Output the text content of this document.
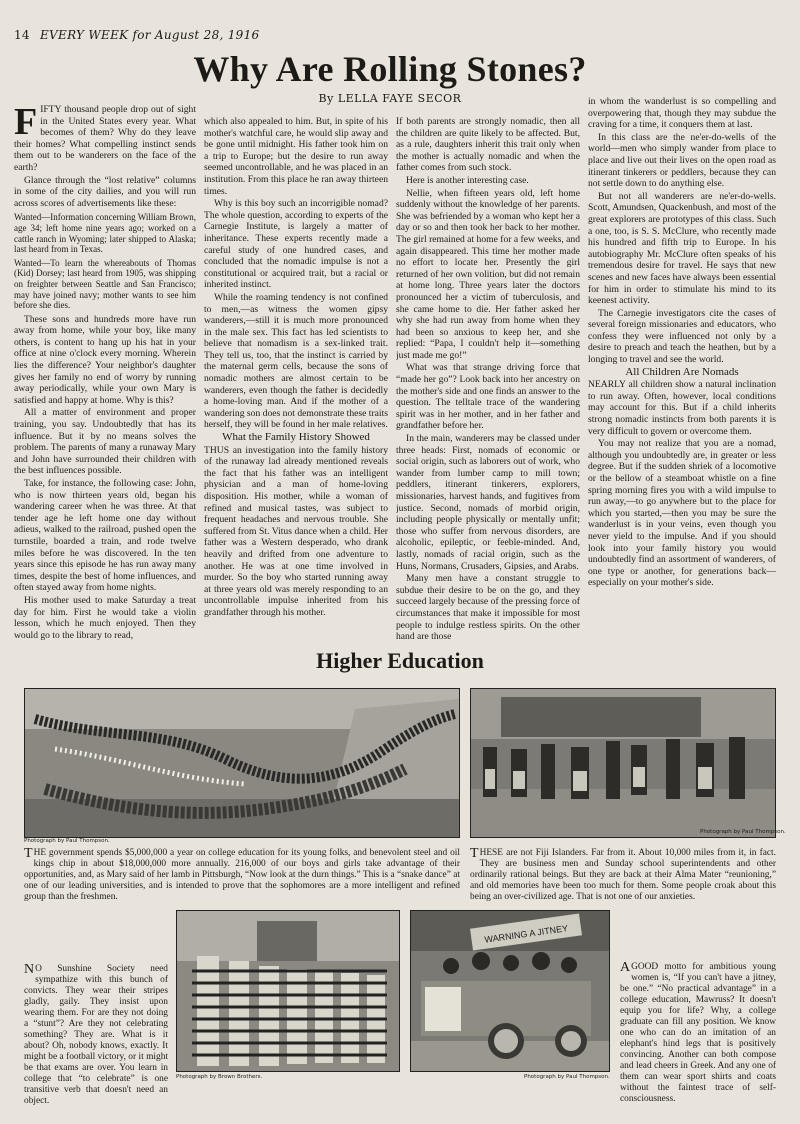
14 EVERY WEEK for August 28, 1916
Why Are Rolling Stones?
By LELLA FAYE SECOR

FIFTY thousand people drop out of sight in the United States every year. What becomes of them? Why do they leave their homes? What compelling instinct sends them out to be wanderers on the face of the earth?

Glance through the “lost relative” columns in some of the city dailies, and you will run across scores of advertisements like these:

Wanted—Information concerning William Brown, age 34; left home nine years ago; worked on a cattle ranch in Wyoming; later shipped to Alaska; last heard from in Texas.

Wanted—To learn the whereabouts of Thomas (Kid) Dorsey; last heard from 1905, was shipping on freighter between Seattle and San Francisco; may have joined navy; mother wants to see him before she dies.

These sons and hundreds more have run away from home, while your boy, like many others, is content to hang up his hat in your office at nine o'clock every morning. Wherein lies the difference? Your neighbor's daughter gives her family no end of worry by running away periodically, while your own Mary is satisfied and happy at home. Why is this?

All a matter of environment and proper training, you say. Undoubtedly that has its influence. But it by no means solves the problem. The parents of many a runaway Mary and John have surrounded their children with the best influences possible.

Take, for instance, the following case: John, who is now thirteen years old, began his wandering career when he was three. At that tender age he left home one day without adieus, walked to the railroad, pushed open the turnstile, boarded a train, and rode twelve miles before he was discovered. In the ten years since this episode he has run away many times, despite the best of home influences, and often stayed away from home nights.

His mother used to make Saturday a treat day for him. First he would take a violin lesson, which he much enjoyed. Then they would go to the library to read,

which also appealed to him. But, in spite of his mother's watchful care, he would slip away and be gone until midnight. His father took him on a trip to Europe; but the desire to run away seemed uncontrollable, and he was placed in an institution. From this place he ran away thirteen times.

Why is this boy such an incorrigible nomad? The whole question, according to experts of the Carnegie Institute, is largely a matter of inheritance. These experts recently made a careful study of one hundred cases, and concluded that the nomadic impulse is not a constitutional or acquired trait, but a racial or inherited instinct.

While the roaming tendency is not confined to men,—as witness the women gipsy wanderers,—still it is much more pronounced in the male sex. This fact has led scientists to believe that nomadism is a sex-linked trait. They tell us, too, that the instinct is carried by the maternal germ cells, because the sons of nomadic mothers are almost certain to be wanderers, even though the father is decidedly a home-loving man. And if the mother of a wandering son does not demonstrate these traits herself, they will be found in her male relatives.

What the Family History Showed

THUS an investigation into the family history of the runaway lad already mentioned reveals the fact that his father was an intelligent physician and a man of home-loving disposition. His mother, while a woman of refined and musical tastes, was subject to frequent headaches and nervous trouble. She suffered from St. Vitus dance when a child. Her father was a Western desperado, who drank heavily and drifted from one adventure to another. He was at one time involved in murder. So the boy who started running away at three years old was merely responding to an uncontrollable impulse inherited from his grandfather through his mother.

If both parents are strongly nomadic, then all the children are quite likely to be affected. But, as a rule, daughters inherit this trait only when the mother is actually nomadic and when the father comes from such stock.

Here is another interesting case.

Nellie, when fifteen years old, left home suddenly without the knowledge of her parents. She was befriended by a woman who kept her a day or so and then took her back to her mother. The girl remained at home for a few weeks, and again disappeared. This time her mother made no effort to locate her. Presently the girl returned of her own volition, but did not remain at home long. Three years later the doctors pronounced her a victim of tuberculosis, and she came home to die. Her father asked her why she had run away from home when they had been so anxious to keep her, and she replied: “Papa, I couldn't help it—something just made me go!”

What was that strange driving force that “made her go”? Look back into her ancestry on the mother's side and one finds an answer to the question. The telltale trace of the wandering spirit was in her mother, and in her father and grandfather before her.

In the main, wanderers may be classed under three heads: First, nomads of economic or social origin, such as laborers out of work, who wander from lumber camp to mill town; peddlers, itinerant tinkerers, explorers, missionaries, harvest hands, and fugitives from justice. Second, nomads of morbid origin, including people physically or mentally unfit; those who suffer from nervous disorders, are alcoholic, epileptic, or feeble-minded. And, lastly, nomads of racial origin, such as the Huns, Normans, Crusaders, Gipsies, and Arabs.

Many men have a constant struggle to subdue their desire to be on the go, and they succeed largely because of the pressing force of circumstances that make it impossible for most people to indulge restless spirits. On the other hand are those

in whom the wanderlust is so compelling and overpowering that, though they may subdue the craving for a time, it conquers them at last.

In this class are the ne'er-do-wells of the world—men who simply wander from place to place and live out their lives on the open road as itinerant tinkerers or peddlers, because they can not settle down to do anything else.

But not all wanderers are ne'er-do-wells. Scott, Amundsen, Quackenbush, and most of the great explorers are prototypes of this class. Such a one, too, is S. S. McClure, who recently made his hundred and fifth trip to Europe. In his autobiography Mr. McClure often speaks of his tremendous desire for travel. He says that new scenes and new faces have always been essential for him in order to stimulate his mind to its keenest activity.

The Carnegie investigators cite the cases of several foreign missionaries and educators, who confess they were influenced not only by a desire to preach and teach the heathen, but by a longing to travel and see the world.

All Children Are Nomads

NEARLY all children show a natural inclination to run away. Often, however, local conditions may account for this. But if a child inherits strong nomadic instincts from both parents it is very difficult to govern or overcome them.

You may not realize that you are a nomad, although you undoubtedly are, in greater or less degree. But if the sudden shriek of a locomotive or the bellow of a steamboat whistle on a fine spring morning fires you with a wild impulse to run away,—to go anywhere but to the place for which you started,—then you may be sure the wanderlust is in your veins, even though you never yield to the impulse. And if you should look into your family history you would undoubtedly find an assortment of wanderers, of one type or another, for generations back—especially on your mother's side.

Higher Education
Photograph by Paul Thompson.
Photograph by Paul Thompson.
T HE government spends $5,000,000 a year on college education for its young folks, and benevolent steel and oil kings chip in about $18,000,000 more annually. 216,000 of our boys and girls take advantage of their opportunities, and, as Mary said of her lamb in Pittsburgh, “Now look at the durn things.” This is a “snake dance” at one of our leading universities, and is intended to prove that the sophomores are a more intelligent and refined group than the freshmen.
T HESE are not Fiji Islanders. Far from it. About 10,000 miles from it, in fact. They are business men and Sunday school superintendents and other ordinarily rational beings. But they are back at their Alma Mater “reunioning,” and old memories have been too much for them. Some people croak about this being an over-civilized age. That is not one of our anxieties.
Photograph by Brown Brothers.
N O Sunshine Society need sympathize with this bunch of convicts. They wear their stripes gladly, gaily. They insist upon wearing them. For are they not doing a “stunt”? Are they not celebrating something? They are. What is it about? Oh, nobody knows, exactly. It might be a football victory, or it might be that exams are over. You learn in college that “to celebrate” is one transitive verb that doesn't need an object.
WARNING A JITNEY
Photograph by Paul Thompson.
A GOOD motto for ambitious young women is, “If you can't have a jitney, be one.” “No practical advantage” in a college education, Mawruss? It doesn't equip you for life? Why, a college graduate can fill any position. We know one who can do an imitation of an elephant's hind legs that is positively convincing. Another can both compose and lead cheers in Greek. And any one of them can wear sport shirts and coats without the faintest trace of self-consciousness.
